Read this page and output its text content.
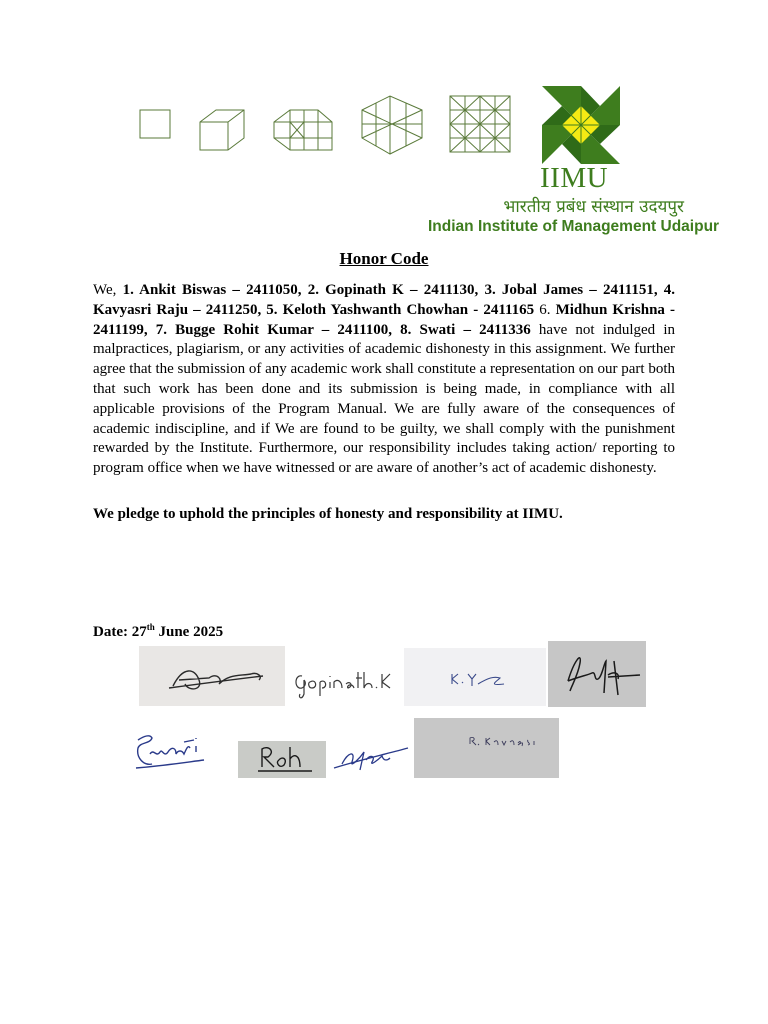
IIMU
भारतीय प्रबंध संस्थान उदयपुर
Indian Institute of Management Udaipur
Honor Code
We, 1. Ankit Biswas – 2411050, 2. Gopinath K – 2411130, 3. Jobal James – 2411151, 4. Kavyasri Raju – 2411250, 5. Keloth Yashwanth Chowhan - 2411165 6. Midhun Krishna - 2411199, 7. Bugge Rohit Kumar – 2411100, 8. Swati – 2411336 have not indulged in malpractices, plagiarism, or any activities of academic dishonesty in this assignment. We further agree that the submission of any academic work shall constitute a representation on our part both that such work has been done and its submission is being made, in compliance with all applicable provisions of the Program Manual. We are fully aware of the consequences of academic indiscipline, and if We are found to be guilty, we shall comply with the punishment rewarded by the Institute. Furthermore, our responsibility includes taking action/ reporting to program office when we have witnessed or are aware of another’s act of academic dishonesty.
We pledge to uphold the principles of honesty and responsibility at IIMU.
Date: 27th June 2025
